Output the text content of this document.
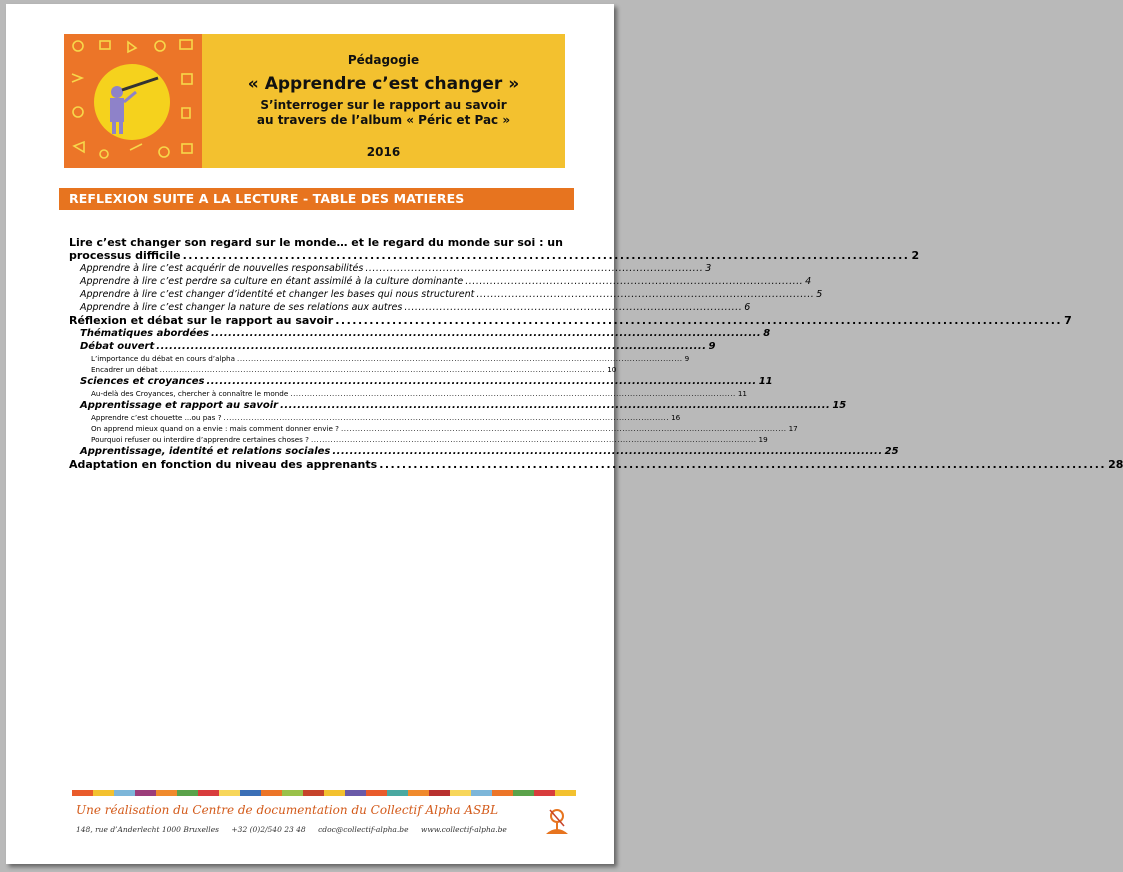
Pédagogie
« Apprendre c’est changer »
S’interroger sur le rapport au savoir
au travers de l’album « Péric et Pac »
2016
REFLEXION SUITE A LA LECTURE - TABLE DES MATIERES
Lire c’est changer son regard sur le monde… et le regard du monde sur soi : un
processus difficile ................................................................................................................................ 2
Apprendre à lire c’est acquérir de nouvelles responsabilités ................................................................................................ 3
Apprendre à lire c’est perdre sa culture en étant assimilé à la culture dominante ................................................................................................ 4
Apprendre à lire c’est changer d’identité et changer les bases qui nous structurent ................................................................................................ 5
Apprendre à lire c’est changer la nature de ses relations aux autres ................................................................................................ 6
Réflexion et débat sur le rapport au savoir ................................................................................................................................ 7
Thématiques abordées ................................................................................................................................ 8
Débat ouvert ................................................................................................................................ 9
L’importance du débat en cours d’alpha ................................................................................................................................................................ 9
Encadrer un débat ................................................................................................................................................................ 10
Sciences et croyances ................................................................................................................................ 11
Au-delà des Croyances, chercher à connaître le monde ................................................................................................................................................................ 11
Apprentissage et rapport au savoir ................................................................................................................................ 15
Apprendre c’est chouette ...ou pas ? ................................................................................................................................................................ 16
On apprend mieux quand on a envie : mais comment donner envie ? ................................................................................................................................................................ 17
Pourquoi refuser ou interdire d’apprendre certaines choses ? ................................................................................................................................................................ 19
Apprentissage, identité et relations sociales ................................................................................................................................ 25
Adaptation en fonction du niveau des apprenants ................................................................................................................................ 28
Une réalisation du Centre de documentation du Collectif Alpha ASBL
148, rue d’Anderlecht 1000 Bruxelles +32 (0)2/540 23 48 cdoc@collectif-alpha.be www.collectif-alpha.be
